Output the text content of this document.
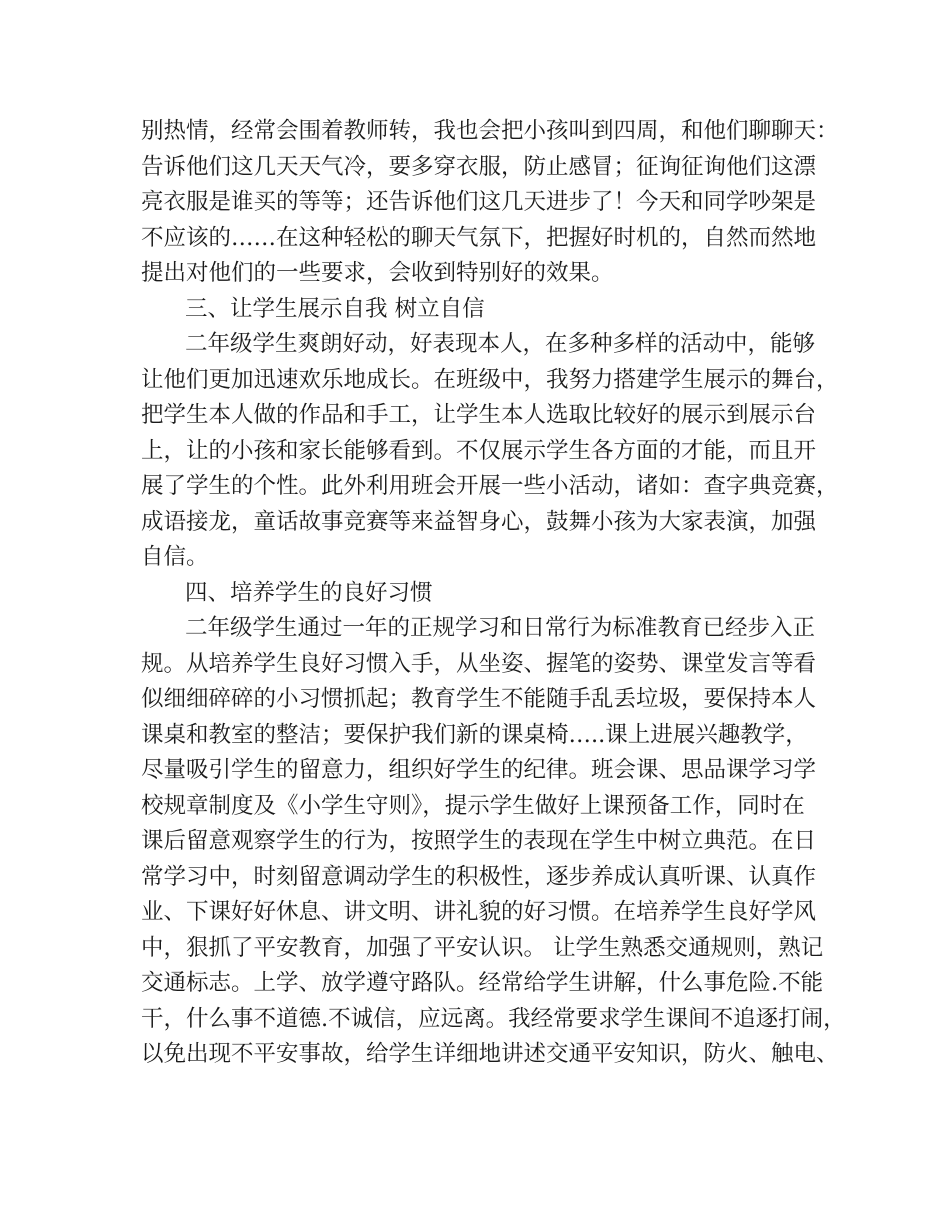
别热情，经常会围着教师转，我也会把小孩叫到四周，和他们聊聊天：
告诉他们这几天天气冷，要多穿衣服，防止感冒；征询征询他们这漂
亮衣服是谁买的等等；还告诉他们这几天进步了！今天和同学吵架是
不应该的……在这种轻松的聊天气氛下，把握好时机的，自然而然地
提出对他们的一些要求，会收到特别好的效果。
三、让学生展示自我 树立自信
二年级学生爽朗好动，好表现本人，在多种多样的活动中，能够
让他们更加迅速欢乐地成长。在班级中，我努力搭建学生展示的舞台，
把学生本人做的作品和手工，让学生本人选取比较好的展示到展示台
上，让的小孩和家长能够看到。不仅展示学生各方面的才能，而且开
展了学生的个性。此外利用班会开展一些小活动，诸如：查字典竞赛，
成语接龙，童话故事竞赛等来益智身心，鼓舞小孩为大家表演，加强
自信。
四、培养学生的良好习惯
二年级学生通过一年的正规学习和日常行为标准教育已经步入正
规。从培养学生良好习惯入手，从坐姿、握笔的姿势、课堂发言等看
似细细碎碎的小习惯抓起；教育学生不能随手乱丢垃圾，要保持本人
课桌和教室的整洁；要保护我们新的课桌椅…..课上进展兴趣教学，
尽量吸引学生的留意力，组织好学生的纪律。班会课、思品课学习学
校规章制度及《小学生守则》，提示学生做好上课预备工作，同时在
课后留意观察学生的行为，按照学生的表现在学生中树立典范。在日
常学习中，时刻留意调动学生的积极性，逐步养成认真听课、认真作
业、下课好好休息、讲文明、讲礼貌的好习惯。在培养学生良好学风
中，狠抓了平安教育，加强了平安认识。 让学生熟悉交通规则，熟记
交通标志。上学、放学遵守路队。经常给学生讲解，什么事危险.不能
干，什么事不道德.不诚信，应远离。我经常要求学生课间不追逐打闹，
以免出现不平安事故，给学生详细地讲述交通平安知识，防火、触电、
